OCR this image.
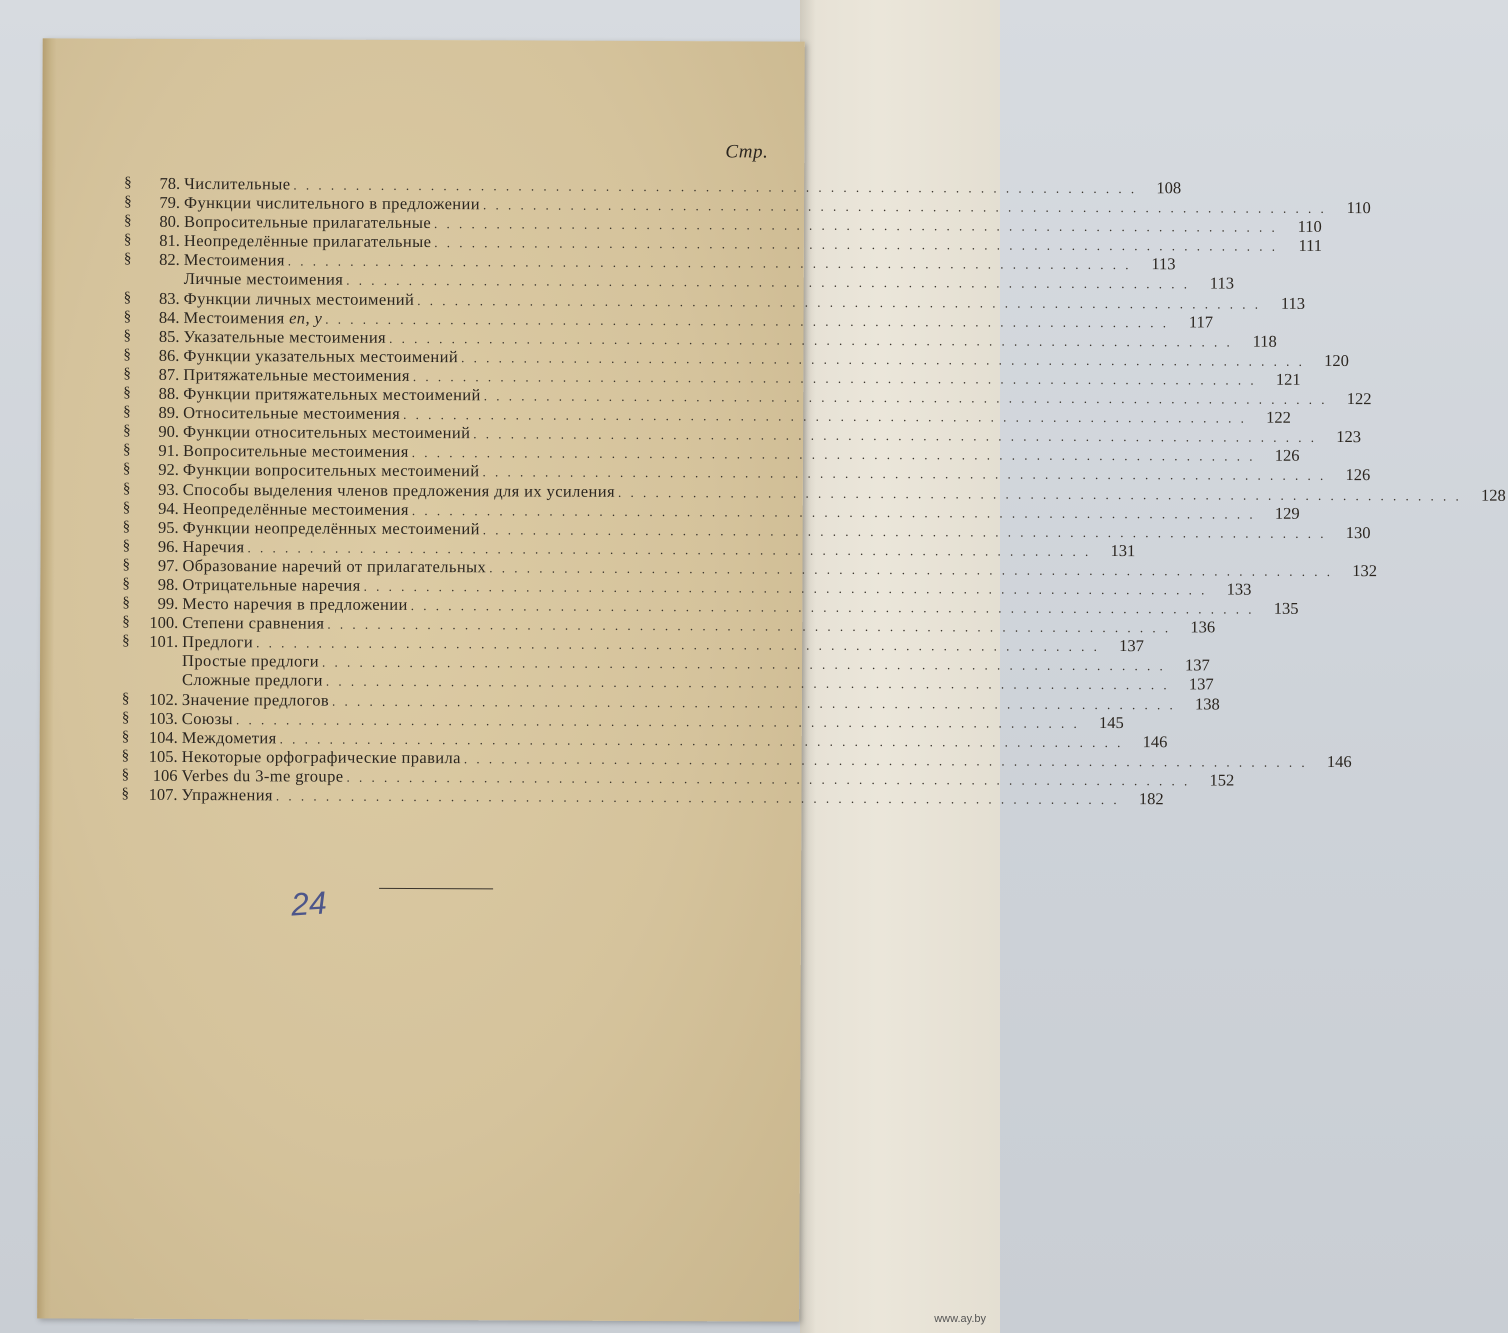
Стр.
§	78. Числительные . . . . . . . . . . . . . . . . . . . . . . . . . . . . . . . . . . . . . . . . . . . . . . . . . . . . . . . . . . . . . . . . . . . .	108
§	79. Функции числительного в предложении . . . . . . . . . . . . . . . . . . . . . . . . . . . . . . . . . . . . . . . . . . . . . . . . . . . . . . . . . . . . . . . . . . . .	110
§	80. Вопросительные прилагательные . . . . . . . . . . . . . . . . . . . . . . . . . . . . . . . . . . . . . . . . . . . . . . . . . . . . . . . . . . . . . . . . . . . .	110
§	81. Неопределённые прилагательные . . . . . . . . . . . . . . . . . . . . . . . . . . . . . . . . . . . . . . . . . . . . . . . . . . . . . . . . . . . . . . . . . . . .	111
§	82. Местоимения . . . . . . . . . . . . . . . . . . . . . . . . . . . . . . . . . . . . . . . . . . . . . . . . . . . . . . . . . . . . . . . . . . . .	113
Личные местоимения . . . . . . . . . . . . . . . . . . . . . . . . . . . . . . . . . . . . . . . . . . . . . . . . . . . . . . . . . . . . . . . . . . . .	113
§	83. Функции личных местоимений . . . . . . . . . . . . . . . . . . . . . . . . . . . . . . . . . . . . . . . . . . . . . . . . . . . . . . . . . . . . . . . . . . . .	113
§	84. Местоимения en, y . . . . . . . . . . . . . . . . . . . . . . . . . . . . . . . . . . . . . . . . . . . . . . . . . . . . . . . . . . . . . . . . . . . .	117
§	85. Указательные местоимения . . . . . . . . . . . . . . . . . . . . . . . . . . . . . . . . . . . . . . . . . . . . . . . . . . . . . . . . . . . . . . . . . . . .	118
§	86. Функции указательных местоимений . . . . . . . . . . . . . . . . . . . . . . . . . . . . . . . . . . . . . . . . . . . . . . . . . . . . . . . . . . . . . . . . . . . .	120
§	87. Притяжательные местоимения . . . . . . . . . . . . . . . . . . . . . . . . . . . . . . . . . . . . . . . . . . . . . . . . . . . . . . . . . . . . . . . . . . . .	121
§	88. Функции притяжательных местоимений . . . . . . . . . . . . . . . . . . . . . . . . . . . . . . . . . . . . . . . . . . . . . . . . . . . . . . . . . . . . . . . . . . . .	122
§	89. Относительные местоимения . . . . . . . . . . . . . . . . . . . . . . . . . . . . . . . . . . . . . . . . . . . . . . . . . . . . . . . . . . . . . . . . . . . .	122
§	90. Функции относительных местоимений . . . . . . . . . . . . . . . . . . . . . . . . . . . . . . . . . . . . . . . . . . . . . . . . . . . . . . . . . . . . . . . . . . . .	123
§	91. Вопросительные местоимения . . . . . . . . . . . . . . . . . . . . . . . . . . . . . . . . . . . . . . . . . . . . . . . . . . . . . . . . . . . . . . . . . . . .	126
§	92. Функции вопросительных местоимений . . . . . . . . . . . . . . . . . . . . . . . . . . . . . . . . . . . . . . . . . . . . . . . . . . . . . . . . . . . . . . . . . . . .	126
§	93. Способы выделения членов предложения для их усиления . . . . . . . . . . . . . . . . . . . . . . . . . . . . . . . . . . . . . . . . . . . . . . . . . . . . . . . . . . . . . . . . . . . .	128
§	94. Неопределённые местоимения . . . . . . . . . . . . . . . . . . . . . . . . . . . . . . . . . . . . . . . . . . . . . . . . . . . . . . . . . . . . . . . . . . . .	129
§	95. Функции неопределённых местоимений . . . . . . . . . . . . . . . . . . . . . . . . . . . . . . . . . . . . . . . . . . . . . . . . . . . . . . . . . . . . . . . . . . . .	130
§	96. Наречия . . . . . . . . . . . . . . . . . . . . . . . . . . . . . . . . . . . . . . . . . . . . . . . . . . . . . . . . . . . . . . . . . . . .	131
§	97. Образование наречий от прилагательных . . . . . . . . . . . . . . . . . . . . . . . . . . . . . . . . . . . . . . . . . . . . . . . . . . . . . . . . . . . . . . . . . . . .	132
§	98. Отрицательные наречия . . . . . . . . . . . . . . . . . . . . . . . . . . . . . . . . . . . . . . . . . . . . . . . . . . . . . . . . . . . . . . . . . . . .	133
§	99. Место наречия в предложении . . . . . . . . . . . . . . . . . . . . . . . . . . . . . . . . . . . . . . . . . . . . . . . . . . . . . . . . . . . . . . . . . . . .	135
§	100. Степени сравнения . . . . . . . . . . . . . . . . . . . . . . . . . . . . . . . . . . . . . . . . . . . . . . . . . . . . . . . . . . . . . . . . . . . .	136
§	101. Предлоги . . . . . . . . . . . . . . . . . . . . . . . . . . . . . . . . . . . . . . . . . . . . . . . . . . . . . . . . . . . . . . . . . . . .	137
Простые предлоги . . . . . . . . . . . . . . . . . . . . . . . . . . . . . . . . . . . . . . . . . . . . . . . . . . . . . . . . . . . . . . . . . . . .	137
Сложные предлоги . . . . . . . . . . . . . . . . . . . . . . . . . . . . . . . . . . . . . . . . . . . . . . . . . . . . . . . . . . . . . . . . . . . .	137
§	102. Значение предлогов . . . . . . . . . . . . . . . . . . . . . . . . . . . . . . . . . . . . . . . . . . . . . . . . . . . . . . . . . . . . . . . . . . . .	138
§	103. Союзы . . . . . . . . . . . . . . . . . . . . . . . . . . . . . . . . . . . . . . . . . . . . . . . . . . . . . . . . . . . . . . . . . . . .	145
§	104. Междометия . . . . . . . . . . . . . . . . . . . . . . . . . . . . . . . . . . . . . . . . . . . . . . . . . . . . . . . . . . . . . . . . . . . .	146
§	105. Некоторые орфографические правила . . . . . . . . . . . . . . . . . . . . . . . . . . . . . . . . . . . . . . . . . . . . . . . . . . . . . . . . . . . . . . . . . . . .	146
§	106 Verbes du 3-me groupe . . . . . . . . . . . . . . . . . . . . . . . . . . . . . . . . . . . . . . . . . . . . . . . . . . . . . . . . . . . . . . . . . . . .	152
§	107. Упражнения . . . . . . . . . . . . . . . . . . . . . . . . . . . . . . . . . . . . . . . . . . . . . . . . . . . . . . . . . . . . . . . . . . . .	182
24
www.ay.by
